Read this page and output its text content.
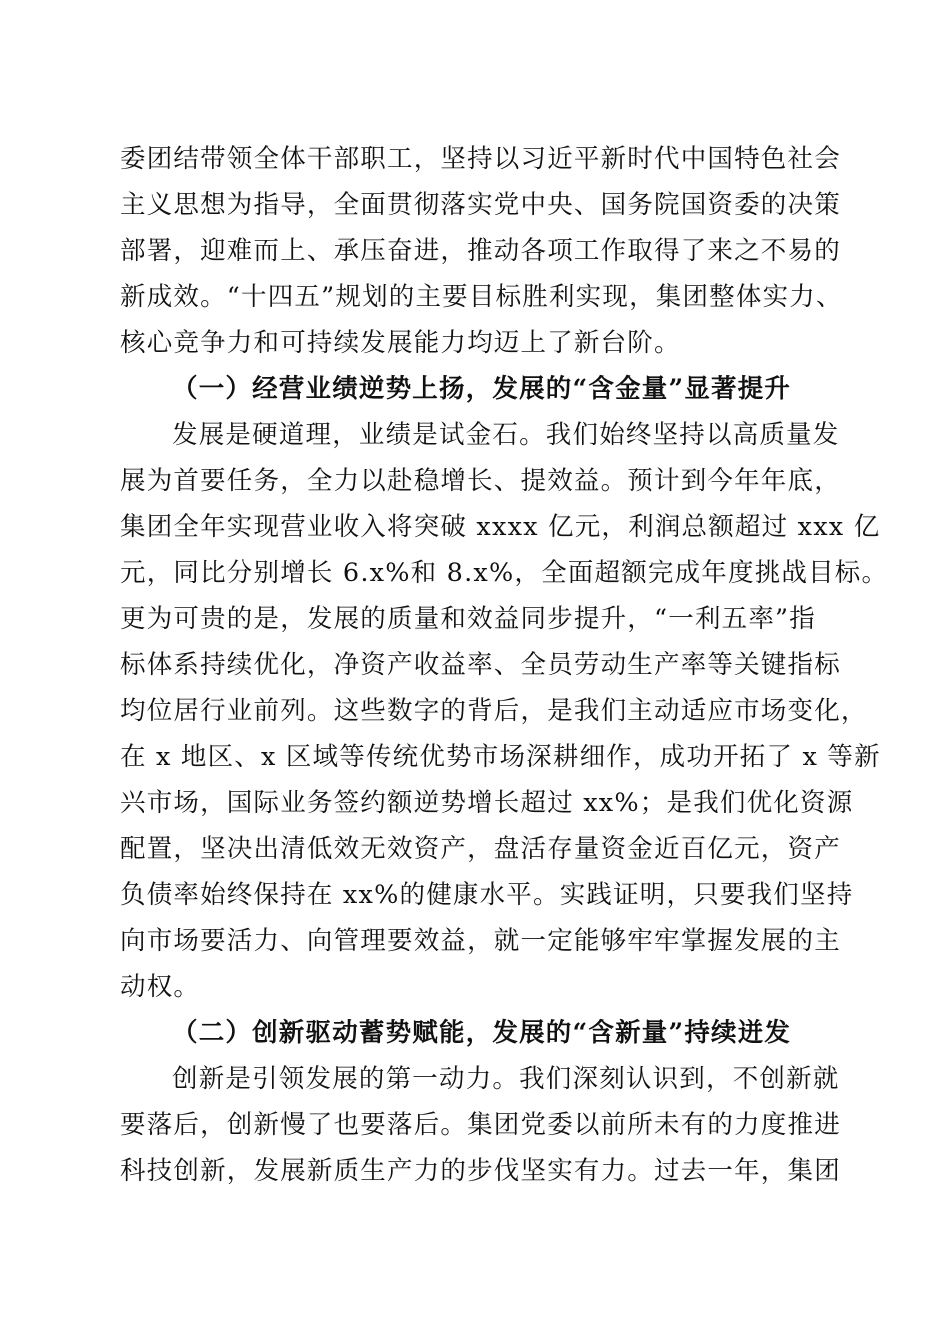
委团结带领全体干部职工，坚持以习近平新时代中国特色社会
主义思想为指导，全面贯彻落实党中央、国务院国资委的决策
部署，迎难而上、承压奋进，推动各项工作取得了来之不易的
新成效。“十四五”规划的主要目标胜利实现，集团整体实力、
核心竞争力和可持续发展能力均迈上了新台阶。
（一）经营业绩逆势上扬，发展的“含金量”显著提升
发展是硬道理，业绩是试金石。我们始终坚持以高质量发
展为首要任务，全力以赴稳增长、提效益。预计到今年年底，
集团全年实现营业收入将突破 xxxx 亿元，利润总额超过 xxx 亿
元，同比分别增长 6.x%和 8.x%，全面超额完成年度挑战目标。
更为可贵的是，发展的质量和效益同步提升，“一利五率”指
标体系持续优化，净资产收益率、全员劳动生产率等关键指标
均位居行业前列。这些数字的背后，是我们主动适应市场变化，
在 x 地区、x 区域等传统优势市场深耕细作，成功开拓了 x 等新
兴市场，国际业务签约额逆势增长超过 xx%；是我们优化资源
配置，坚决出清低效无效资产，盘活存量资金近百亿元，资产
负债率始终保持在 xx%的健康水平。实践证明，只要我们坚持
向市场要活力、向管理要效益，就一定能够牢牢掌握发展的主
动权。
（二）创新驱动蓄势赋能，发展的“含新量”持续迸发
创新是引领发展的第一动力。我们深刻认识到，不创新就
要落后，创新慢了也要落后。集团党委以前所未有的力度推进
科技创新，发展新质生产力的步伐坚实有力。过去一年，集团
